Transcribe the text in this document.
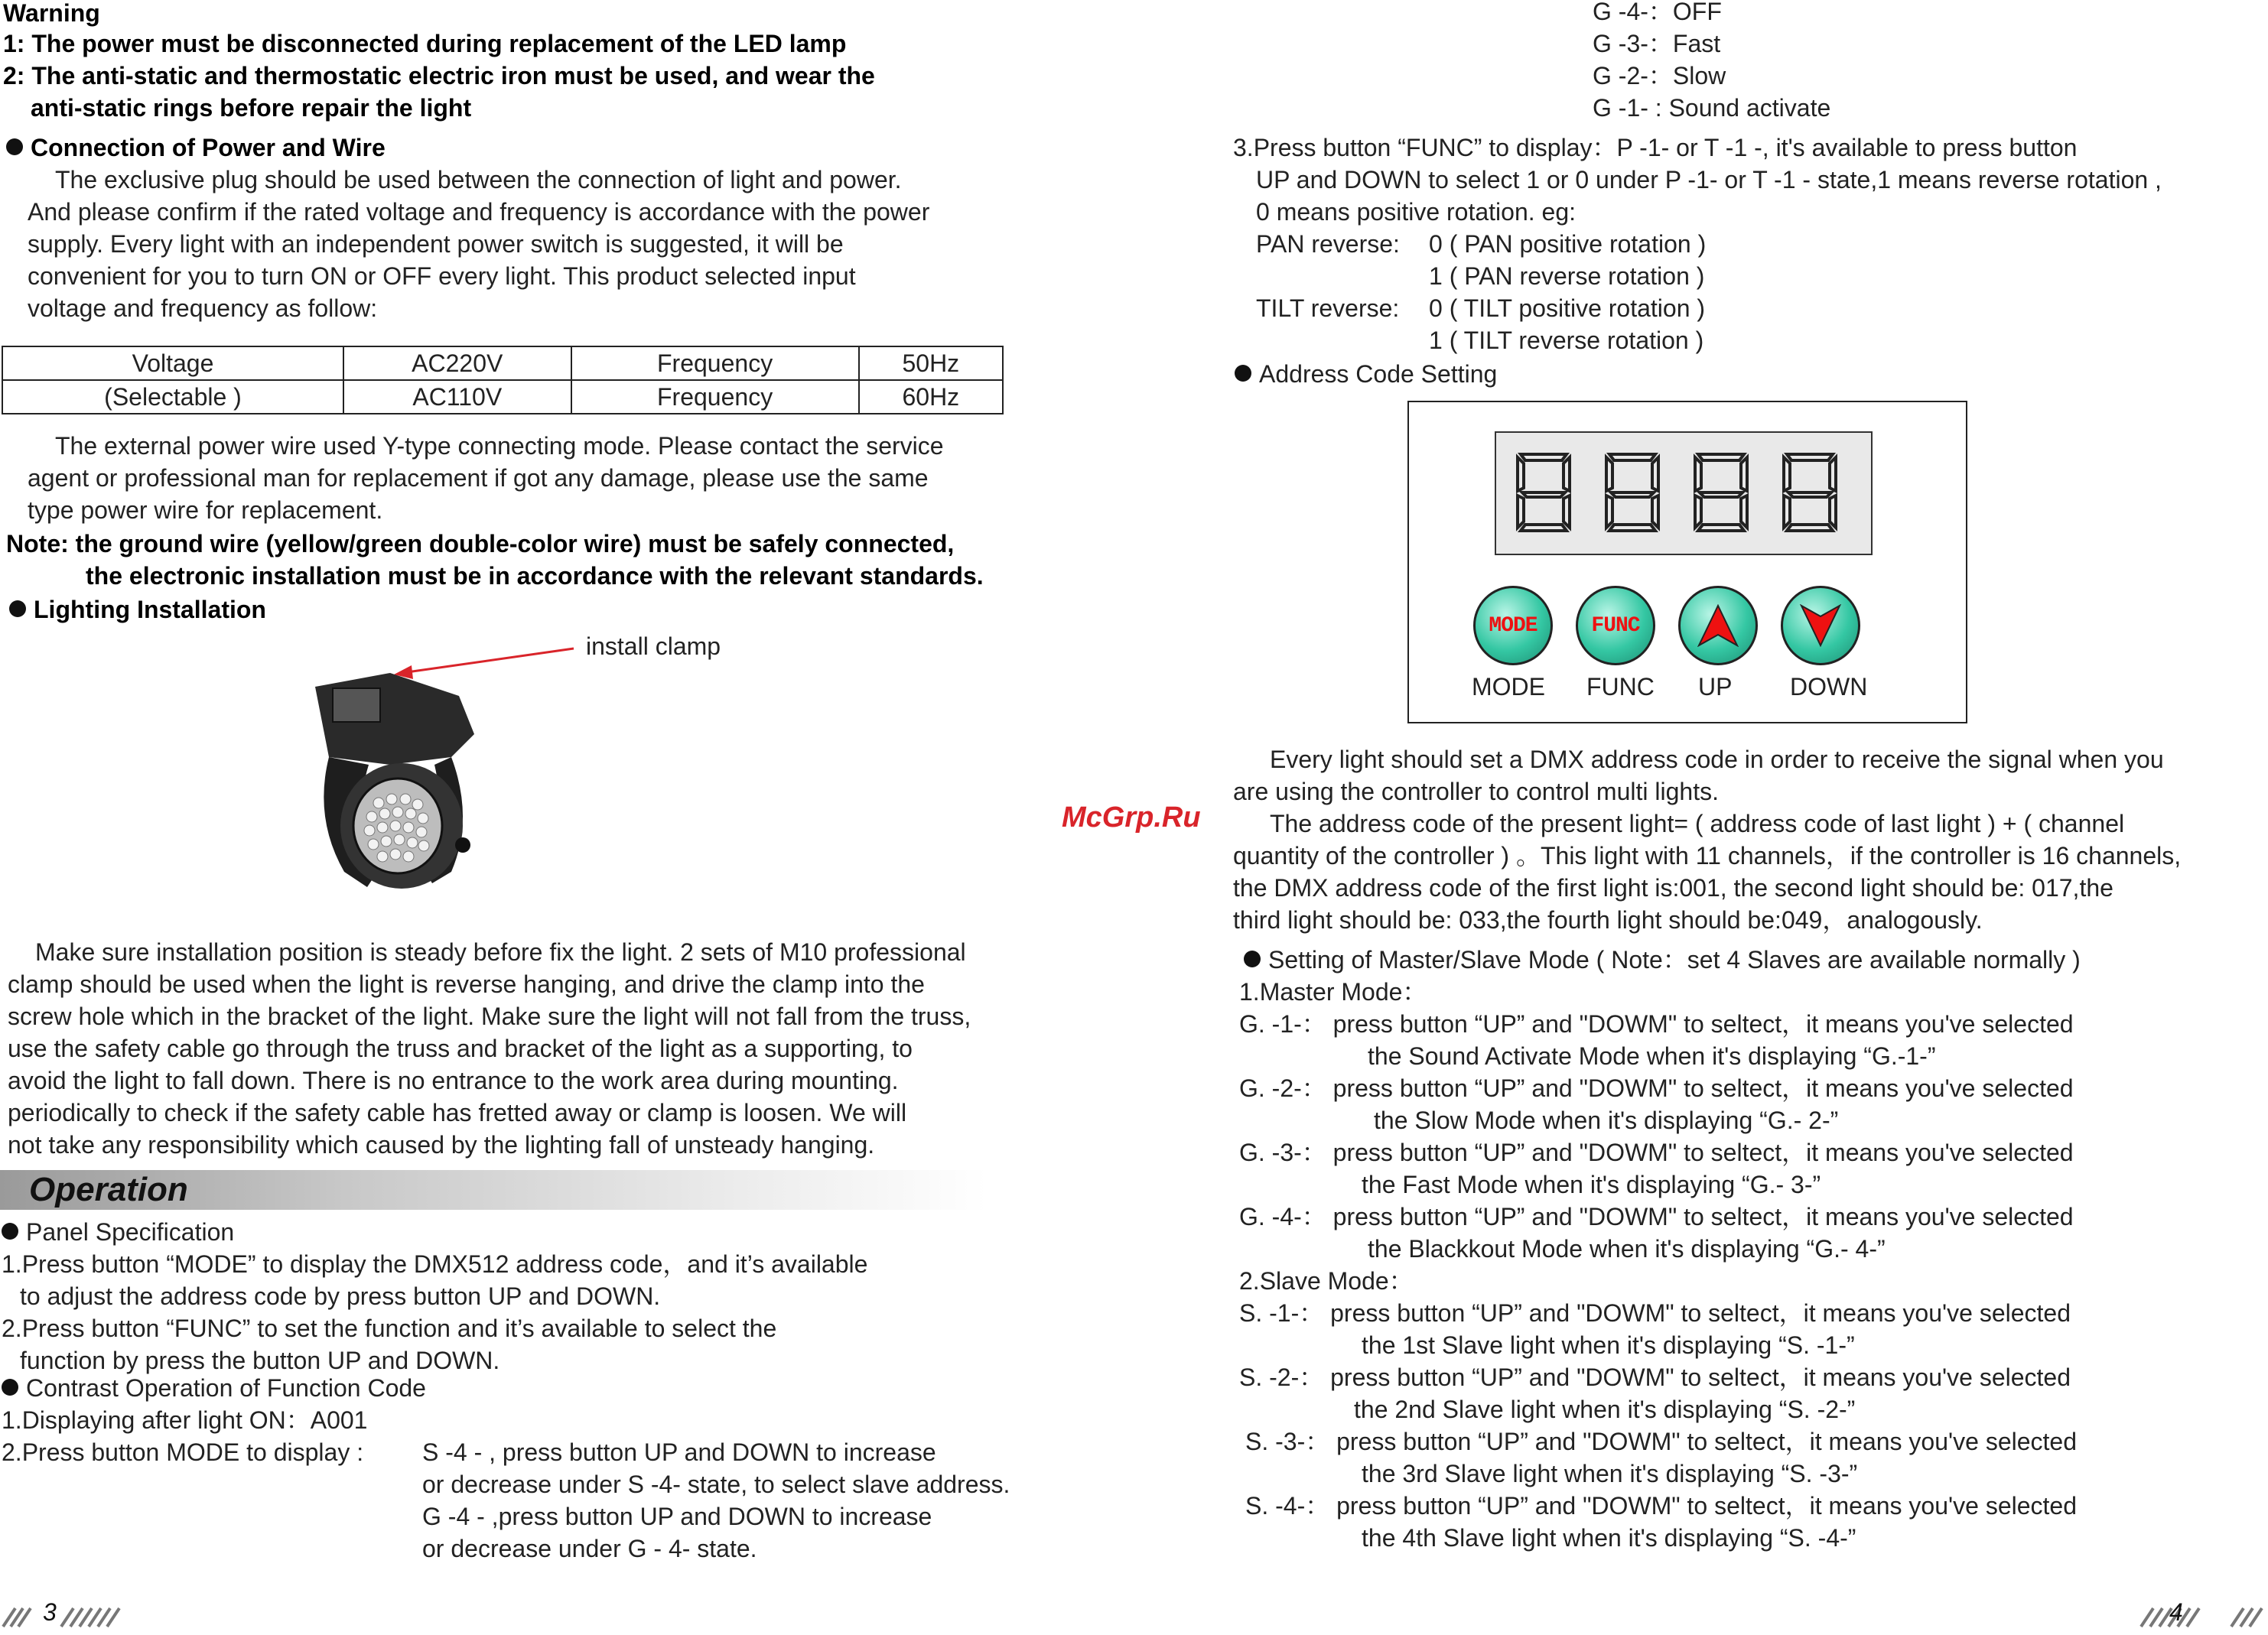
Warning
1: The power must be disconnected during replacement of the LED lamp
2: The anti-static and thermostatic electric iron must be used, and wear the
anti-static rings before repair the light
Connection of Power and Wire
The exclusive plug should be used between the connection of light and power.
And please confirm if the rated voltage and frequency is accordance with the power
supply. Every light with an independent power switch is suggested, it will be
convenient for you to turn ON or OFF every light. This product selected input
voltage and frequency as follow:
Voltage	AC220V	Frequency	50Hz
(Selectable )	AC110V	Frequency	60Hz
The external power wire used Y-type connecting mode. Please contact the service
agent or professional man for replacement if got any damage, please use the same
type power wire for replacement.
Note: the ground wire (yellow/green double-color wire) must be safely connected,
the electronic installation must be in accordance with the relevant standards.
Lighting Installation
install clamp
Make sure installation position is steady before fix the light. 2 sets of M10 professional
clamp should be used when the light is reverse hanging, and drive the clamp into the
screw hole which in the bracket of the light. Make sure the light will not fall from the truss,
use the safety cable go through the truss and bracket of the light as a supporting, to
avoid the light to fall down. There is no entrance to the work area during mounting.
periodically to check if the safety cable has fretted away or clamp is loosen. We will
not take any responsibility which caused by the lighting fall of unsteady hanging.
Operation
Panel Specification
1.Press button “MODE” to display the DMX512 address code，and it’s available
to adjust the address code by press button UP and DOWN.
2.Press button “FUNC” to set the function and it’s available to select the
function by press the button UP and DOWN.
Contrast Operation of Function Code
1.Displaying after light ON：A001
2.Press button MODE to display : S -4 - , press button UP and DOWN to increase
or decrease under S -4- state, to select slave address.
G -4 - ,press button UP and DOWN to increase
or decrease under G - 4- state.
3
G -4-：OFF
G -3-：Fast
G -2-：Slow
G -1- : Sound activate
3.Press button “FUNC” to display：P -1- or T -1 -, it's available to press button
UP and DOWN to select 1 or 0 under P -1- or T -1 - state,1 means reverse rotation ,
0 means positive rotation. eg:
PAN reverse: 0 ( PAN positive rotation )
1 ( PAN reverse rotation )
TILT reverse: 0 ( TILT positive rotation )
1 ( TILT reverse rotation )
Address Code Setting
MODE	FUNC
MODE FUNC UP DOWN
Every light should set a DMX address code in order to receive the signal when you
are using the controller to control multi lights.
The address code of the present light= ( address code of last light ) + ( channel
quantity of the controller ) 。This light with 11 channels，if the controller is 16 channels,
the DMX address code of the first light is:001, the second light should be: 017,the
third light should be: 033,the fourth light should be:049，analogously.
McGrp.Ru
Setting of Master/Slave Mode ( Note：set 4 Slaves are available normally )
1.Master Mode：
G. -1-： press button “UP” and "DOWM" to seltect，it means you've selected
the Sound Activate Mode when it's displaying “G.-1-”
G. -2-： press button “UP” and "DOWM" to seltect，it means you've selected
the Slow Mode when it's displaying “G.- 2-”
G. -3-： press button “UP” and "DOWM" to seltect，it means you've selected
the Fast Mode when it's displaying “G.- 3-”
G. -4-： press button “UP” and "DOWM" to seltect，it means you've selected
the Blackkout Mode when it's displaying “G.- 4-”
2.Slave Mode：
S. -1-： press button “UP” and "DOWM" to seltect，it means you've selected
the 1st Slave light when it's displaying “S. -1-”
S. -2-： press button “UP” and "DOWM" to seltect，it means you've selected
the 2nd Slave light when it's displaying “S. -2-”
S. -3-： press button “UP” and "DOWM" to seltect，it means you've selected
the 3rd Slave light when it's displaying “S. -3-”
S. -4-： press button “UP” and "DOWM" to seltect，it means you've selected
the 4th Slave light when it's displaying “S. -4-”
4
